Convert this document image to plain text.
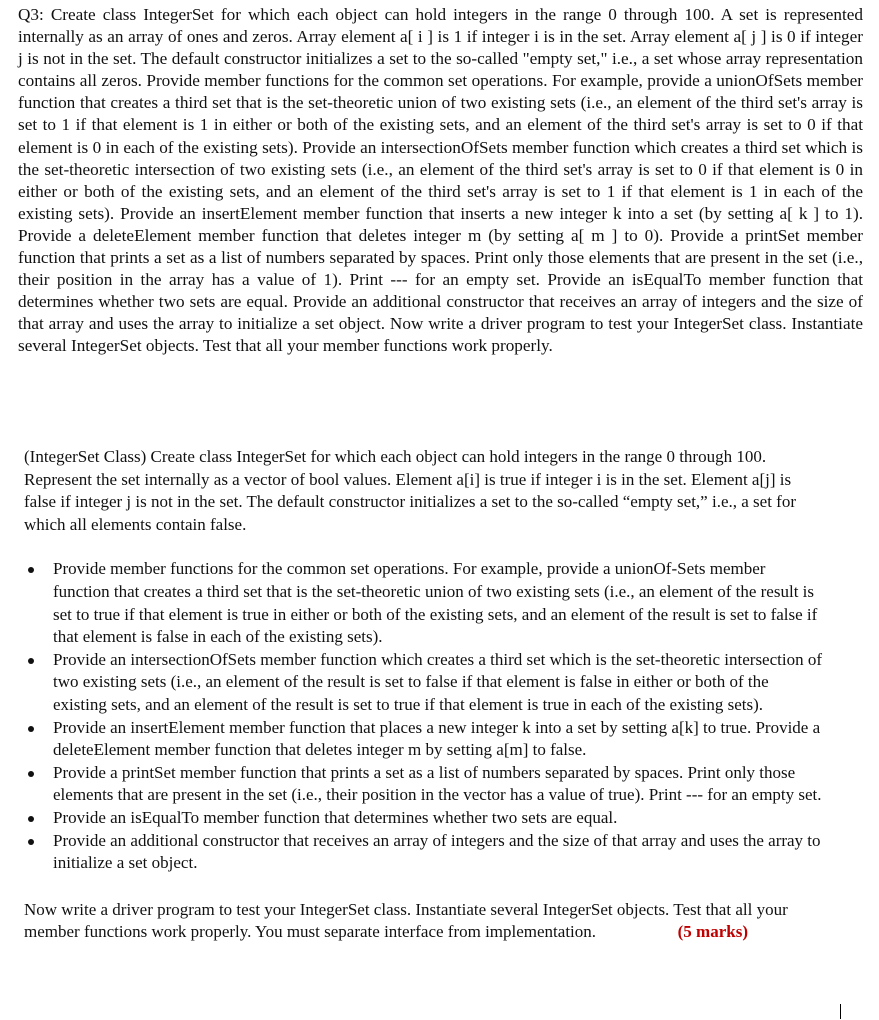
Q3: Create class IntegerSet for which each object can hold integers in the range 0 through 100. A set is represented internally as an array of ones and zeros. Array element a[ i ] is 1 if integer i is in the set. Array element a[ j ] is 0 if integer j is not in the set. The default constructor initializes a set to the so-called "empty set," i.e., a set whose array representation contains all zeros. Provide member functions for the common set operations. For example, provide a unionOfSets member function that creates a third set that is the set-theoretic union of two existing sets (i.e., an element of the third set's array is set to 1 if that element is 1 in either or both of the existing sets, and an element of the third set's array is set to 0 if that element is 0 in each of the existing sets). Provide an intersectionOfSets member function which creates a third set which is the set-theoretic intersection of two existing sets (i.e., an element of the third set's array is set to 0 if that element is 0 in either or both of the existing sets, and an element of the third set's array is set to 1 if that element is 1 in each of the existing sets). Provide an insertElement member function that inserts a new integer k into a set (by setting a[ k ] to 1). Provide a deleteElement member function that deletes integer m (by setting a[ m ] to 0). Provide a printSet member function that prints a set as a list of numbers separated by spaces. Print only those elements that are present in the set (i.e., their position in the array has a value of 1). Print --- for an empty set. Provide an isEqualTo member function that determines whether two sets are equal. Provide an additional constructor that receives an array of integers and the size of that array and uses the array to initialize a set object. Now write a driver program to test your IntegerSet class. Instantiate several IntegerSet objects. Test that all your member functions work properly.

(IntegerSet Class) Create class IntegerSet for which each object can hold integers in the range 0 through 100. Represent the set internally as a vector of bool values. Element a[i] is true if integer i is in the set. Element a[j] is false if integer j is not in the set. The default constructor initializes a set to the so-called “empty set,” i.e., a set for which all elements contain false.

Provide member functions for the common set operations. For example, provide a unionOf-Sets member function that creates a third set that is the set-theoretic union of two existing sets (i.e., an element of the result is set to true if that element is true in either or both of the existing sets, and an element of the result is set to false if that element is false in each of the existing sets).
Provide an intersectionOfSets member function which creates a third set which is the set-theoretic intersection of two existing sets (i.e., an element of the result is set to false if that element is false in either or both of the existing sets, and an element of the result is set to true if that element is true in each of the existing sets).
Provide an insertElement member function that places a new integer k into a set by setting a[k] to true. Provide a deleteElement member function that deletes integer m by setting a[m] to false.
Provide a printSet member function that prints a set as a list of numbers separated by spaces. Print only those elements that are present in the set (i.e., their position in the vector has a value of true). Print --- for an empty set.
Provide an isEqualTo member function that determines whether two sets are equal.
Provide an additional constructor that receives an array of integers and the size of that array and uses the array to initialize a set object.

Now write a driver program to test your IntegerSet class. Instantiate several IntegerSet objects. Test that all your member functions work properly. You must separate interface from implementation.	(5 marks)
